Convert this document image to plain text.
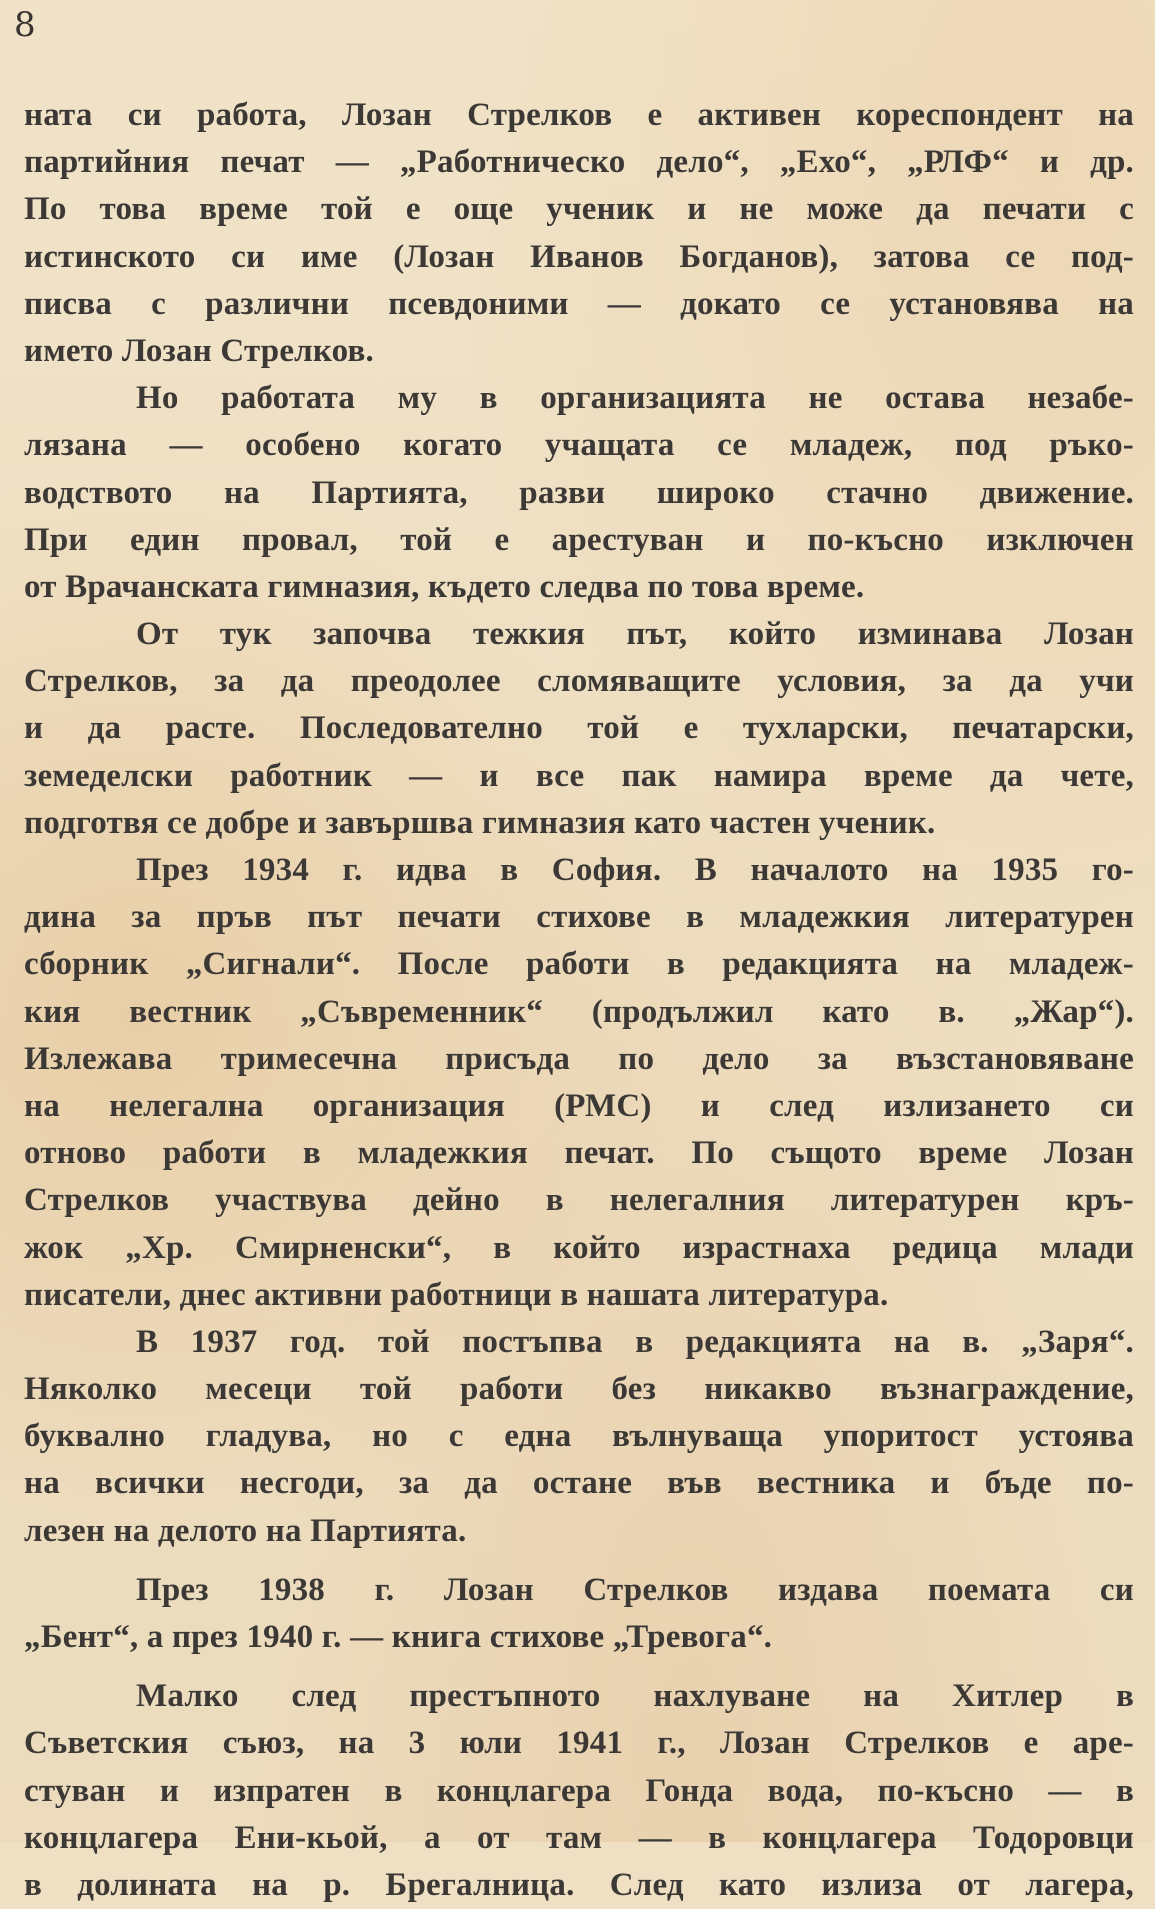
8
ната си работа, Лозан Стрелков е активен кореспондент на
партийния печат — „Работническо дело“, „Ехо“, „РЛФ“ и др.
По това време той е още ученик и не може да печати с
истинското си име (Лозан Иванов Богданов), затова се под-
писва с различни псевдоними — докато се установява на
името Лозан Стрелков.
Но работата му в организацията не остава незабе-
лязана — особено когато учащата се младеж, под ръко-
водството на Партията, разви широко стачно движение.
При един провал, той е арестуван и по-късно изключен
от Врачанската гимназия, където следва по това време.
От тук започва тежкия път, който изминава Лозан
Стрелков, за да преодолее сломяващите условия, за да учи
и да расте. Последователно той е тухларски, печатарски,
земеделски работник — и все пак намира време да чете,
подготвя се добре и завършва гимназия като частен ученик.
През 1934 г. идва в София. В началото на 1935 го-
дина за пръв път печати стихове в младежкия литературен
сборник „Сигнали“. После работи в редакцията на младеж-
кия вестник „Съвременник“ (продължил като в. „Жар“).
Излежава тримесечна присъда по дело за възстановяване
на нелегална организация (РМС) и след излизането си
отново работи в младежкия печат. По същото време Лозан
Стрелков участвува дейно в нелегалния литературен кръ-
жок „Хр. Смирненски“, в който израстнаха редица млади
писатели, днес активни работници в нашата литература.
В 1937 год. той постъпва в редакцията на в. „Заря“.
Няколко месеци той работи без никакво възнаграждение,
буквално гладува, но с една вълнуваща упоритост устоява
на всички несгоди, за да остане във вестника и бъде по-
лезен на делото на Партията.
През 1938 г. Лозан Стрелков издава поемата си
„Бент“, а през 1940 г. — книга стихове „Тревога“.
Малко след престъпното нахлуване на Хитлер в
Съветския съюз, на 3 юли 1941 г., Лозан Стрелков е аре-
стуван и изпратен в концлагера Гонда вода, по-късно — в
концлагера Ени-кьой, а от там — в концлагера Тодоровци
в долината на р. Брегалница. След като излиза от лагера,
